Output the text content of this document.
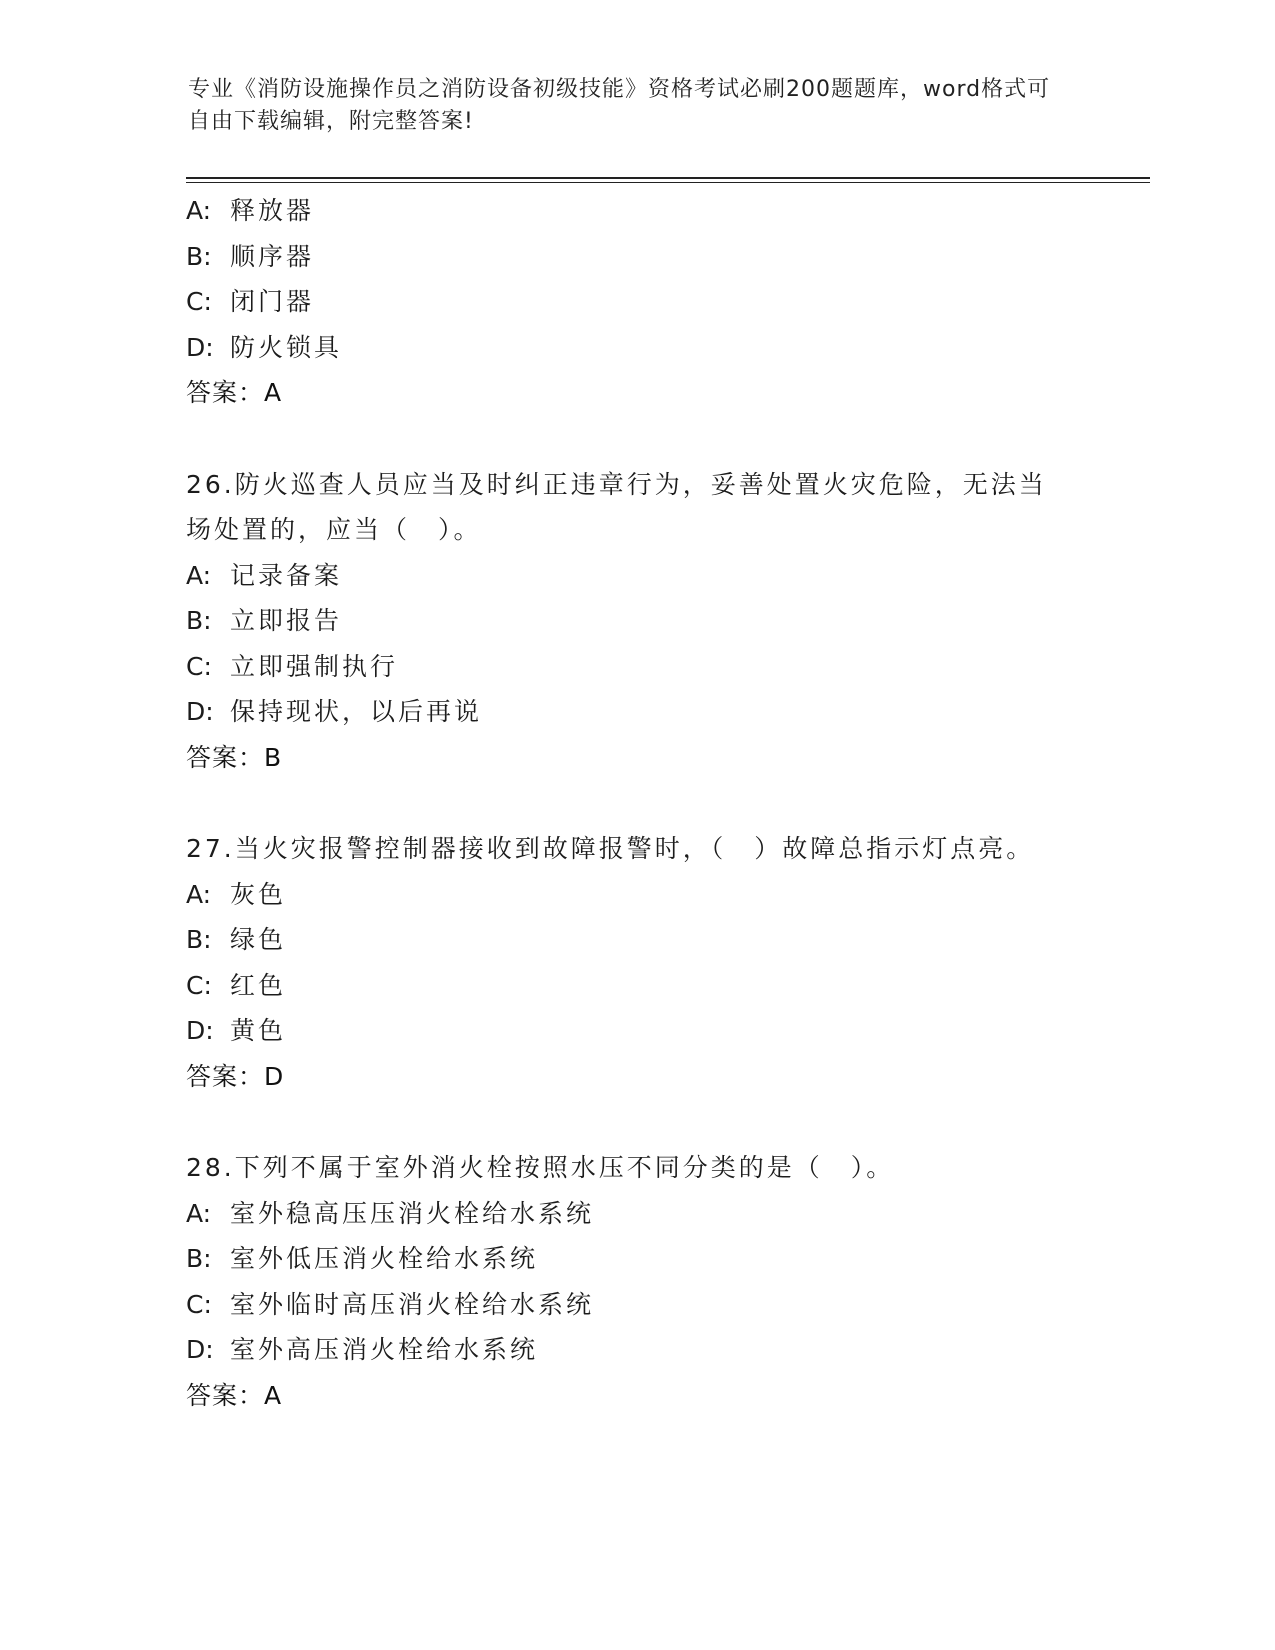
专业《消防设施操作员之消防设备初级技能》资格考试必刷200题题库，word格式可自由下载编辑，附完整答案!
A: 释放器
B: 顺序器
C: 闭门器
D: 防火锁具
答案：A
26.防火巡查人员应当及时纠正违章行为，妥善处置火灾危险，无法当场处置的，应当（　）。
A: 记录备案
B: 立即报告
C: 立即强制执行
D: 保持现状，以后再说
答案：B
27.当火灾报警控制器接收到故障报警时，（　）故障总指示灯点亮。
A: 灰色
B: 绿色
C: 红色
D: 黄色
答案：D
28.下列不属于室外消火栓按照水压不同分类的是（　）。
A: 室外稳高压压消火栓给水系统
B: 室外低压消火栓给水系统
C: 室外临时高压消火栓给水系统
D: 室外高压消火栓给水系统
答案：A
